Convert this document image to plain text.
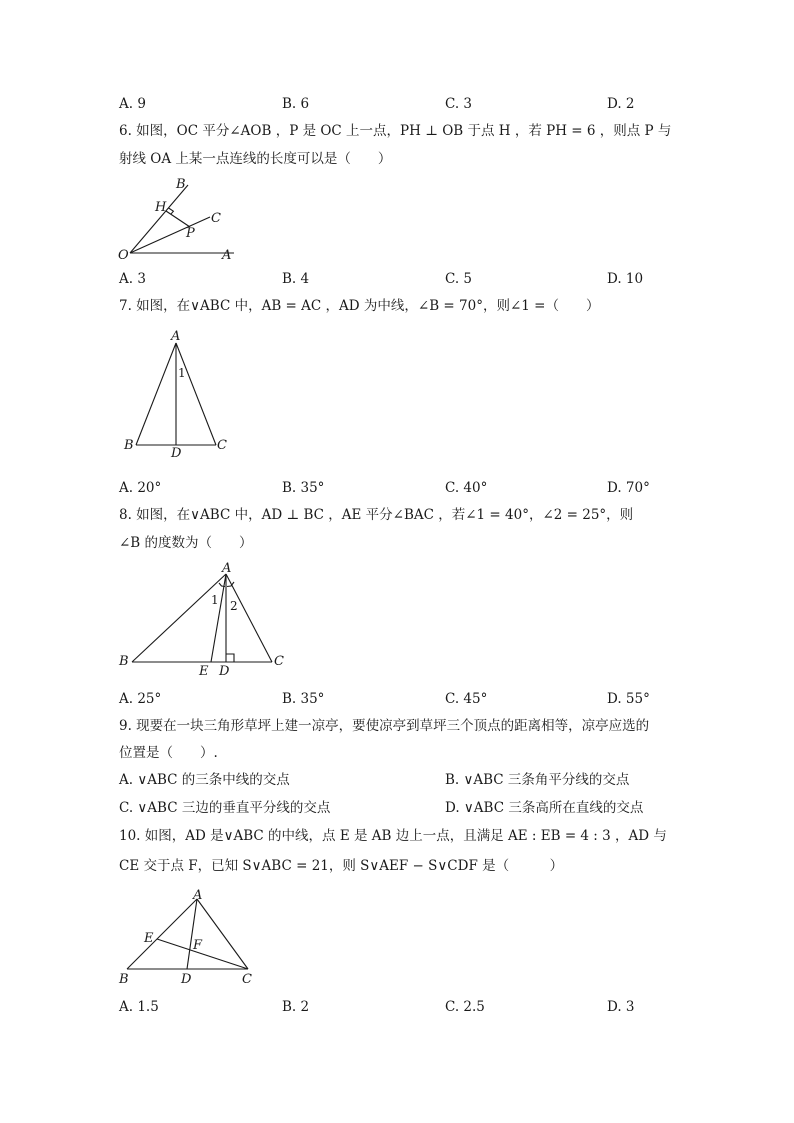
A. 9	B. 6	C. 3	D. 2
6. 如图，OC 平分∠AOB ，P 是 OC 上一点，PH ⊥ OB 于点 H ，若 PH = 6 ，则点 P 与
射线 OA 上某一点连线的长度可以是（　　）
B
H
C
P
O	A
A. 3	B. 4	C. 5	D. 10
7. 如图，在∨ABC 中，AB = AC ，AD 为中线，∠B = 70°，则∠1 =（　　）
A
1
B
D
C
A. 20°	B. 35°	C. 40°	D. 70°
8. 如图，在∨ABC 中，AD ⊥ BC ，AE 平分∠BAC ，若∠1 = 40°，∠2 = 25°，则
∠B 的度数为（　　）
A
1 2
B
E D
C
A. 25°	B. 35°	C. 45°	D. 55°
9. 现要在一块三角形草坪上建一凉亭，要使凉亭到草坪三个顶点的距离相等，凉亭应选的
位置是（　　）.
A. ∨ABC 的三条中线的交点	B. ∨ABC 三条角平分线的交点
C. ∨ABC 三边的垂直平分线的交点	D. ∨ABC 三条高所在直线的交点
10. 如图，AD 是∨ABC 的中线，点 E 是 AB 边上一点，且满足 AE : EB = 4 : 3 ，AD 与
CE 交于点 F，已知 S∨ABC = 21，则 S∨AEF − S∨CDF 是（　　　）
A
E	F
B	D	C
A. 1.5	B. 2	C. 2.5	D. 3
